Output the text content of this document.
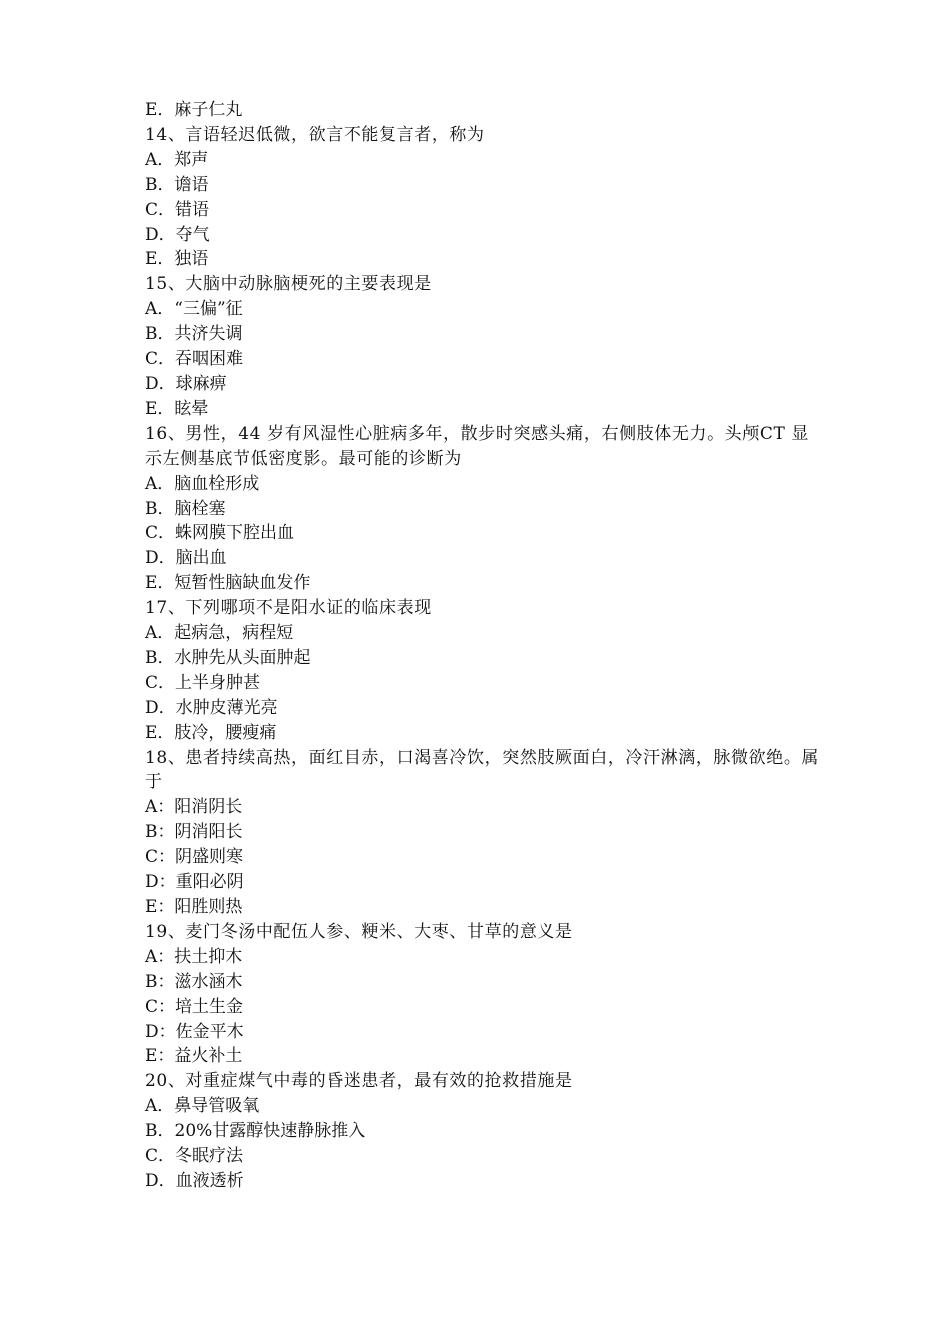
E．麻子仁丸

14、言语轻迟低微，欲言不能复言者，称为

A．郑声

B．谵语

C．错语

D．夺气

E．独语

15、大脑中动脉脑梗死的主要表现是

A．“三偏”征

B．共济失调

C．吞咽困难

D．球麻痹

E．眩晕

16、男性，44 岁有风湿性心脏病多年，散步时突感头痛，右侧肢体无力。头颅CT 显示左侧基底节低密度影。最可能的诊断为

A．脑血栓形成

B．脑栓塞

C．蛛网膜下腔出血

D．脑出血

E．短暂性脑缺血发作

17、下列哪项不是阳水证的临床表现

A．起病急，病程短

B．水肿先从头面肿起

C．上半身肿甚

D．水肿皮薄光亮

E．肢冷，腰瘦痛

18、患者持续高热，面红目赤，口渴喜冷饮，突然肢厥面白，冷汗淋漓，脉微欲绝。属于

A：阳消阴长

B：阴消阳长

C：阴盛则寒

D：重阳必阴

E：阳胜则热

19、麦门冬汤中配伍人参、粳米、大枣、甘草的意义是

A：扶土抑木

B：滋水涵木

C：培土生金

D：佐金平木

E：益火补土

20、对重症煤气中毒的昏迷患者，最有效的抢救措施是

A．鼻导管吸氧

B．20%甘露醇快速静脉推入

C．冬眠疗法

D．血液透析
